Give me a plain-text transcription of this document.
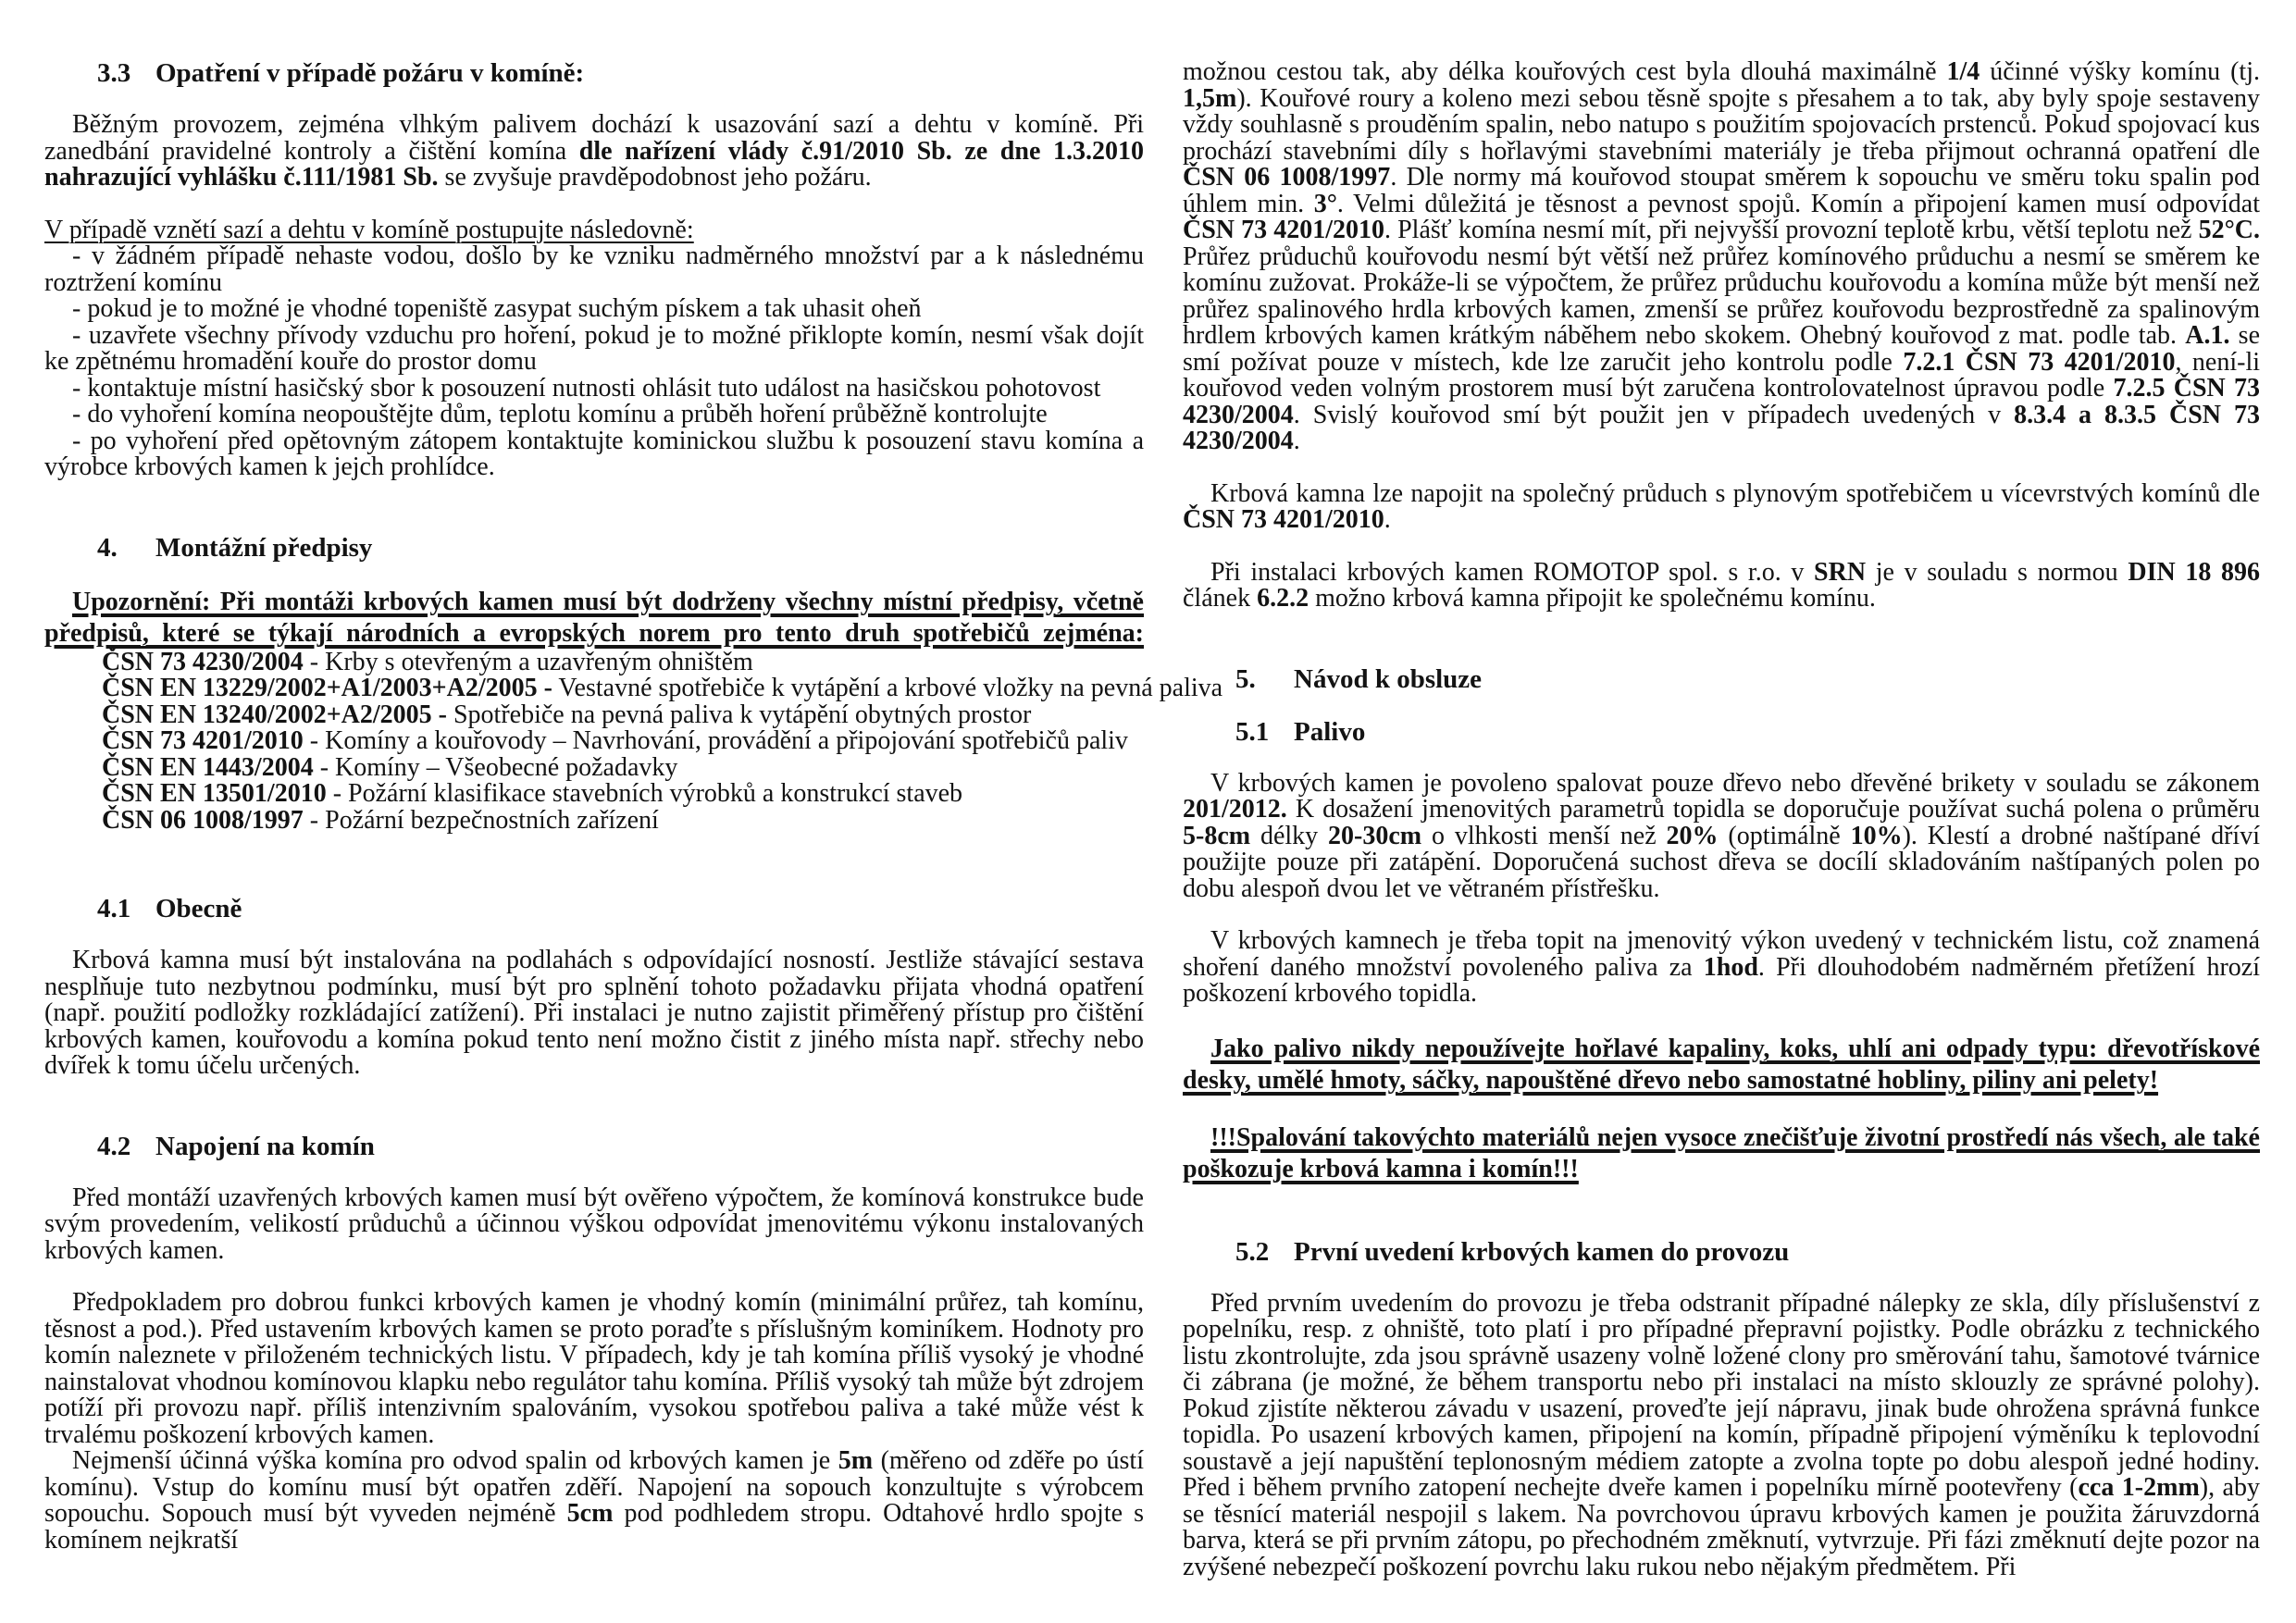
3.3 Opatření v případě požáru v komíně:

Běžným provozem, zejména vlhkým palivem dochází k usazování sazí a dehtu v komíně. Při zanedbání pravidelné kontroly a čištění komína dle nařízení vlády č.91/2010 Sb. ze dne 1.3.2010 nahrazující vyhlášku č.111/1981 Sb. se zvyšuje pravděpodobnost jeho požáru.

V případě vznětí sazí a dehtu v komíně postupujte následovně:

- v žádném případě nehaste vodou, došlo by ke vzniku nadměrného množství par a k následnému roztržení komínu

- pokud je to možné je vhodné topeniště zasypat suchým pískem a tak uhasit oheň

- uzavřete všechny přívody vzduchu pro hoření, pokud je to možné přiklopte komín, nesmí však dojít ke zpětnému hromadění kouře do prostor domu

- kontaktuje místní hasičský sbor k posouzení nutnosti ohlásit tuto událost na hasičskou pohotovost

- do vyhoření komína neopouštějte dům, teplotu komínu a průběh hoření průběžně kontrolujte

- po vyhoření před opětovným zátopem kontaktujte kominickou službu k posouzení stavu komína a výrobce krbových kamen k jejch prohlídce.

4. Montážní předpisy

Upozornění: Při montáži krbových kamen musí být dodrženy všechny místní předpisy, včetně předpisů, které se týkají národních a evropských norem pro tento druh spotřebičů zejména:

ČSN 73 4230/2004 - Krby s otevřeným a uzavřeným ohništěm
ČSN EN 13229/2002+A1/2003+A2/2005 - Vestavné spotřebiče k vytápění a krbové vložky na pevná paliva
ČSN EN 13240/2002+A2/2005 - Spotřebiče na pevná paliva k vytápění obytných prostor
ČSN 73 4201/2010 - Komíny a kouřovody – Navrhování, provádění a připojování spotřebičů paliv
ČSN EN 1443/2004 - Komíny – Všeobecné požadavky
ČSN EN 13501/2010 - Požární klasifikace stavebních výrobků a konstrukcí staveb
ČSN 06 1008/1997 - Požární bezpečnostních zařízení
4.1 Obecně

Krbová kamna musí být instalována na podlahách s odpovídající nosností. Jestliže stávající sestava nesplňuje tuto nezbytnou podmínku, musí být pro splnění tohoto požadavku přijata vhodná opatření (např. použití podložky rozkládající zatížení). Při instalaci je nutno zajistit přiměřený přístup pro čištění krbových kamen, kouřovodu a komína pokud tento není možno čistit z jiného místa např. střechy nebo dvířek k tomu účelu určených.

4.2 Napojení na komín

Před montáží uzavřených krbových kamen musí být ověřeno výpočtem, že komínová konstrukce bude svým provedením, velikostí průduchů a účinnou výškou odpovídat jmenovitému výkonu instalovaných krbových kamen.

Předpokladem pro dobrou funkci krbových kamen je vhodný komín (minimální průřez, tah komínu, těsnost a pod.). Před ustavením krbových kamen se proto poraďte s příslušným kominíkem. Hodnoty pro komín naleznete v přiloženém technických listu. V případech, kdy je tah komína příliš vysoký je vhodné nainstalovat vhodnou komínovou klapku nebo regulátor tahu komína. Příliš vysoký tah může být zdrojem potíží při provozu např. příliš intenzivním spalováním, vysokou spotřebou paliva a také může vést k trvalému poškození krbových kamen.

Nejmenší účinná výška komína pro odvod spalin od krbových kamen je 5m (měřeno od zděře po ústí komínu). Vstup do komínu musí být opatřen zděří. Napojení na sopouch konzultujte s výrobcem sopouchu. Sopouch musí být vyveden nejméně 5cm pod podhledem stropu. Odtahové hrdlo spojte s komínem nejkratší

možnou cestou tak, aby délka kouřových cest byla dlouhá maximálně 1/4 účinné výšky komínu (tj. 1,5m). Kouřové roury a koleno mezi sebou těsně spojte s přesahem a to tak, aby byly spoje sestaveny vždy souhlasně s prouděním spalin, nebo natupo s použitím spojovacích prstenců. Pokud spojovací kus prochází stavebními díly s hořlavými stavebními materiály je třeba přijmout ochranná opatření dle ČSN 06 1008/1997. Dle normy má kouřovod stoupat směrem k sopouchu ve směru toku spalin pod úhlem min. 3°. Velmi důležitá je těsnost a pevnost spojů. Komín a připojení kamen musí odpovídat ČSN 73 4201/2010. Plášť komína nesmí mít, při nejvyšší provozní teplotě krbu, větší teplotu než 52°C. Průřez průduchů kouřovodu nesmí být větší než průřez komínového průduchu a nesmí se směrem ke komínu zužovat. Prokáže-li se výpočtem, že průřez průduchu kouřovodu a komína může být menší než průřez spalinového hrdla krbových kamen, zmenší se průřez kouřovodu bezprostředně za spalinovým hrdlem krbových kamen krátkým náběhem nebo skokem. Ohebný kouřovod z mat. podle tab. A.1. se smí požívat pouze v místech, kde lze zaručit jeho kontrolu podle 7.2.1 ČSN 73 4201/2010, není-li kouřovod veden volným prostorem musí být zaručena kontrolovatelnost úpravou podle 7.2.5 ČSN 73 4230/2004. Svislý kouřovod smí být použit jen v případech uvedených v 8.3.4 a 8.3.5 ČSN 73 4230/2004.

Krbová kamna lze napojit na společný průduch s plynovým spotřebičem u vícevrstvých komínů dle ČSN 73 4201/2010.

Při instalaci krbových kamen ROMOTOP spol. s r.o. v SRN je v souladu s normou DIN 18 896 článek 6.2.2 možno krbová kamna připojit ke společnému komínu.

5. Návod k obsluze
5.1 Palivo

V krbových kamen je povoleno spalovat pouze dřevo nebo dřevěné brikety v souladu se zákonem 201/2012. K dosažení jmenovitých parametrů topidla se doporučuje používat suchá polena o průměru 5-8cm délky 20-30cm o vlhkosti menší než 20% (optimálně 10%). Klestí a drobné naštípané dříví použijte pouze při zatápění. Doporučená suchost dřeva se docílí skladováním naštípaných polen po dobu alespoň dvou let ve větraném přístřešku.

V krbových kamnech je třeba topit na jmenovitý výkon uvedený v technickém listu, což znamená shoření daného množství povoleného paliva za 1hod. Při dlouhodobém nadměrném přetížení hrozí poškození krbového topidla.

Jako palivo nikdy nepoužívejte hořlavé kapaliny, koks, uhlí ani odpady typu: dřevotřískové desky, umělé hmoty, sáčky, napouštěné dřevo nebo samostatné hobliny, piliny ani pelety!

!!!Spalování takovýchto materiálů nejen vysoce znečišťuje životní prostředí nás všech, ale také poškozuje krbová kamna i komín!!!

5.2 První uvedení krbových kamen do provozu

Před prvním uvedením do provozu je třeba odstranit případné nálepky ze skla, díly příslušenství z popelníku, resp. z ohniště, toto platí i pro případné přepravní pojistky. Podle obrázku z technického listu zkontrolujte, zda jsou správně usazeny volně ložené clony pro směrování tahu, šamotové tvárnice či zábrana (je možné, že během transportu nebo při instalaci na místo sklouzly ze správné polohy). Pokud zjistíte některou závadu v usazení, proveďte její nápravu, jinak bude ohrožena správná funkce topidla. Po usazení krbových kamen, připojení na komín, případně připojení výměníku k teplovodní soustavě a její napuštění teplonosným médiem zatopte a zvolna topte po dobu alespoň jedné hodiny. Před i během prvního zatopení nechejte dveře kamen i popelníku mírně pootevřeny (cca 1-2mm), aby se těsnící materiál nespojil s lakem. Na povrchovou úpravu krbových kamen je použita žáruvzdorná barva, která se při prvním zátopu, po přechodném změknutí, vytvrzuje. Při fázi změknutí dejte pozor na zvýšené nebezpečí poškození povrchu laku rukou nebo nějakým předmětem. Při
